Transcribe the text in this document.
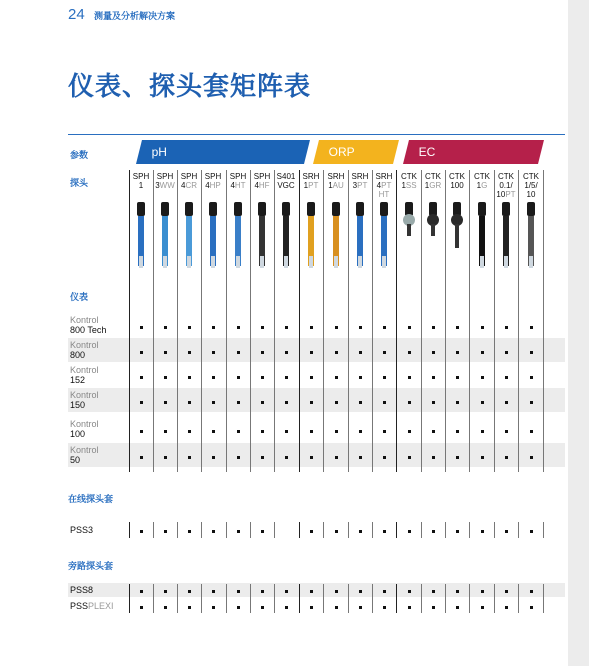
24 测量及分析解决方案
仪表、探头套矩阵表
参数
探头
仪表
在线探头套
旁路探头套
pH	ORP	EC
SPH
1
SPH
3WW
SPH
4CR
SPH
4HP
SPH
4HT
SPH
4HF
S401
VGC
SRH
1PT
SRH
1AU
SRH
3PT
SRH
4PT
HT
CTK
1SS
CTK
1GR
CTK
100
CTK
1G
CTK
0.1/
10PT
CTK
1/5/
10
Kontrol
800 Tech
Kontrol
800
Kontrol
152
Kontrol
150
Kontrol
100
Kontrol
50
PSS3
PSS8
PSSPLEXI
